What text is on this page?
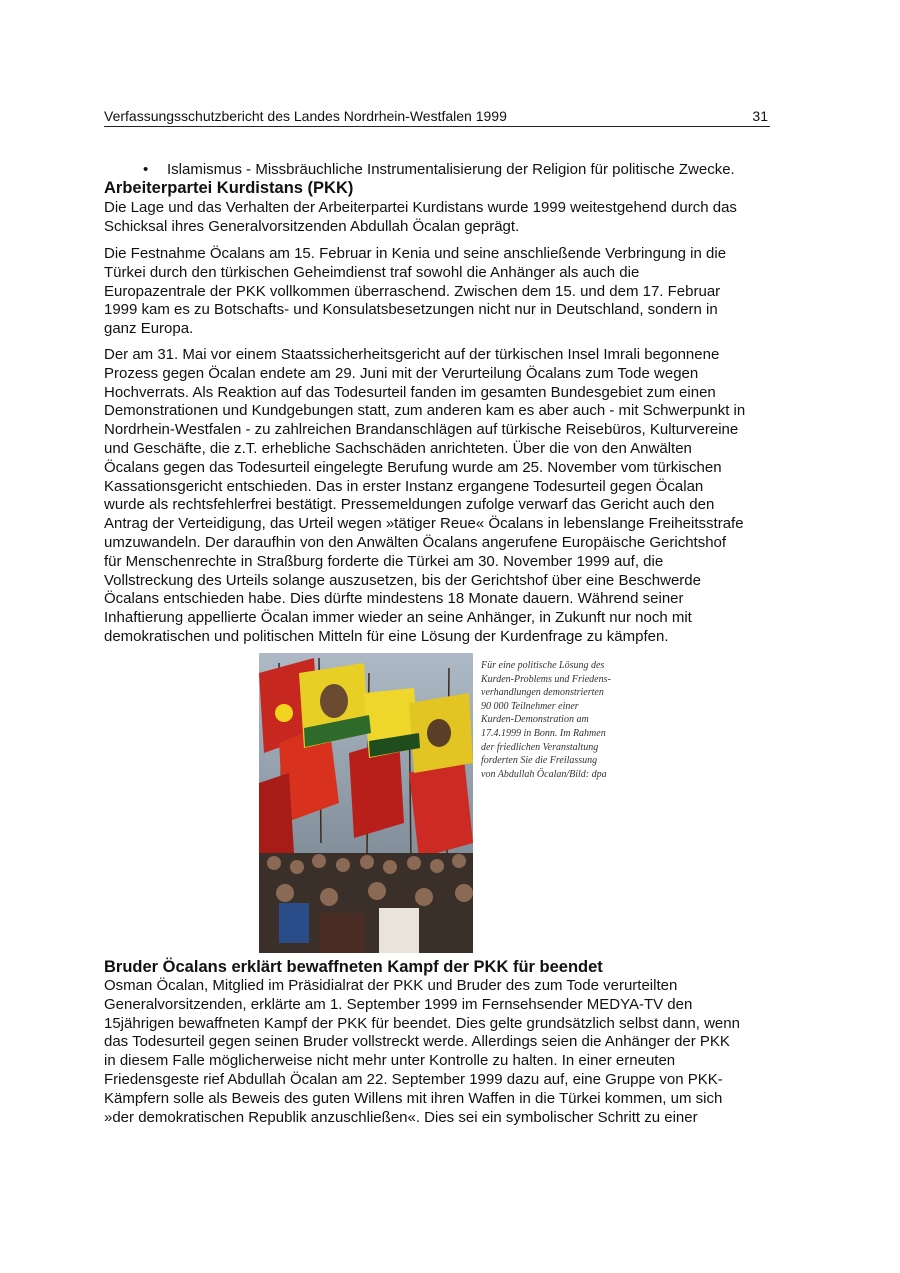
Verfassungsschutzbericht des Landes Nordrhein-Westfalen 1999	31
• Islamismus - Missbräuchliche Instrumentalisierung der Religion für politische Zwecke.
Arbeiterpartei Kurdistans (PKK)

Die Lage und das Verhalten der Arbeiterpartei Kurdistans wurde 1999 weitestgehend durch das
Schicksal ihres Generalvorsitzenden Abdullah Öcalan geprägt.

Die Festnahme Öcalans am 15. Februar in Kenia und seine anschließende Verbringung in die
Türkei durch den türkischen Geheimdienst traf sowohl die Anhänger als auch die
Europazentrale der PKK vollkommen überraschend. Zwischen dem 15. und dem 17. Februar
1999 kam es zu Botschafts- und Konsulatsbesetzungen nicht nur in Deutschland, sondern in
ganz Europa.

Der am 31. Mai vor einem Staatssicherheitsgericht auf der türkischen Insel Imrali begonnene
Prozess gegen Öcalan endete am 29. Juni mit der Verurteilung Öcalans zum Tode wegen
Hochverrats. Als Reaktion auf das Todesurteil fanden im gesamten Bundesgebiet zum einen
Demonstrationen und Kundgebungen statt, zum anderen kam es aber auch - mit Schwerpunkt in
Nordrhein-Westfalen - zu zahlreichen Brandanschlägen auf türkische Reisebüros, Kulturvereine
und Geschäfte, die z.T. erhebliche Sachschäden anrichteten. Über die von den Anwälten
Öcalans gegen das Todesurteil eingelegte Berufung wurde am 25. November vom türkischen
Kassationsgericht entschieden. Das in erster Instanz ergangene Todesurteil gegen Öcalan
wurde als rechtsfehlerfrei bestätigt. Pressemeldungen zufolge verwarf das Gericht auch den
Antrag der Verteidigung, das Urteil wegen »tätiger Reue« Öcalans in lebenslange Freiheitsstrafe
umzuwandeln. Der daraufhin von den Anwälten Öcalans angerufene Europäische Gerichtshof
für Menschenrechte in Straßburg forderte die Türkei am 30. November 1999 auf, die
Vollstreckung des Urteils solange auszusetzen, bis der Gerichtshof über eine Beschwerde
Öcalans entschieden habe. Dies dürfte mindestens 18 Monate dauern. Während seiner
Inhaftierung appellierte Öcalan immer wieder an seine Anhänger, in Zukunft nur noch mit
demokratischen und politischen Mitteln für eine Lösung der Kurdenfrage zu kämpfen.

Für eine politische Lösung des
Kurden-Problems und Friedens-
verhandlungen demonstrierten
90 000 Teilnehmer einer
Kurden-Demonstration am
17.4.1999 in Bonn. Im Rahmen
der friedlichen Veranstaltung
forderten Sie die Freilassung
von Abdullah Öcalan/Bild: dpa
Bruder Öcalans erklärt bewaffneten Kampf der PKK für beendet

Osman Öcalan, Mitglied im Präsidialrat der PKK und Bruder des zum Tode verurteilten
Generalvorsitzenden, erklärte am 1. September 1999 im Fernsehsender MEDYA-TV den
15jährigen bewaffneten Kampf der PKK für beendet. Dies gelte grundsätzlich selbst dann, wenn
das Todesurteil gegen seinen Bruder vollstreckt werde. Allerdings seien die Anhänger der PKK
in diesem Falle möglicherweise nicht mehr unter Kontrolle zu halten. In einer erneuten
Friedensgeste rief Abdullah Öcalan am 22. September 1999 dazu auf, eine Gruppe von PKK-
Kämpfern solle als Beweis des guten Willens mit ihren Waffen in die Türkei kommen, um sich
»der demokratischen Republik anzuschließen«. Dies sei ein symbolischer Schritt zu einer
